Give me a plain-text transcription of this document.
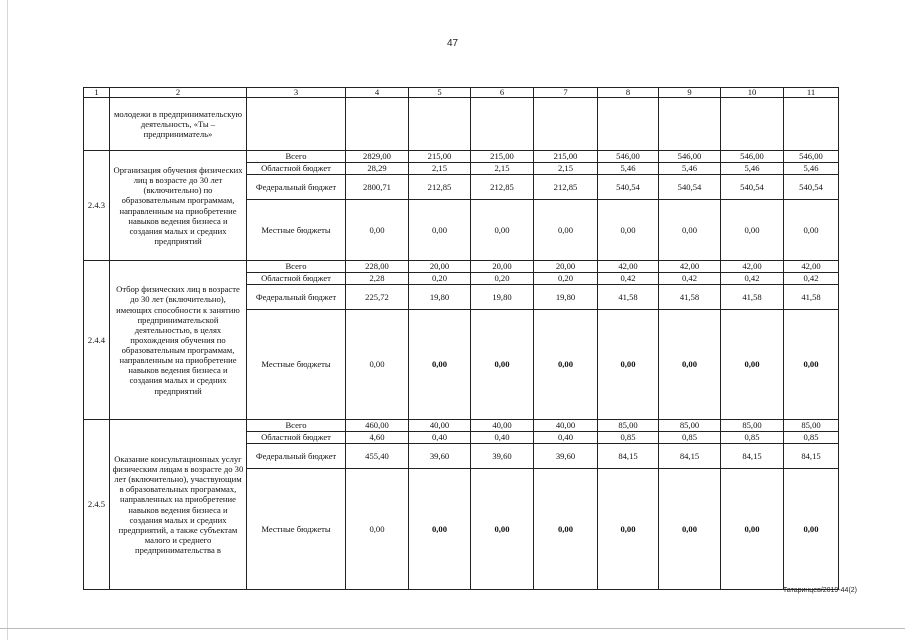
47
1	2	3	4	5	6	7	8	9	10	11
	молодежи в предпринимательскую деятельность, «Ты – предприниматель»									
2.4.3	Организация обучения физических лиц в возрасте до 30 лет (включительно) по образовательным программам, направленным на приобретение навыков ведения бизнеса и создания малых и средних предприятий	Всего	2829,00	215,00	215,00	215,00	546,00	546,00	546,00	546,00
		Областной бюджет	28,29	2,15	2,15	2,15	5,46	5,46	5,46	5,46
		Федеральный бюджет	2800,71	212,85	212,85	212,85	540,54	540,54	540,54	540,54
		Местные бюджеты	0,00	0,00	0,00	0,00	0,00	0,00	0,00	0,00
2.4.4	Отбор физических лиц в возрасте до 30 лет (включительно), имеющих способности к занятию предпринимательской деятельностью, в целях прохождения обучения по образовательным программам, направленным на приобретение навыков ведения бизнеса и создания малых и средних предприятий	Всего	228,00	20,00	20,00	20,00	42,00	42,00	42,00	42,00
		Областной бюджет	2,28	0,20	0,20	0,20	0,42	0,42	0,42	0,42
		Федеральный бюджет	225,72	19,80	19,80	19,80	41,58	41,58	41,58	41,58
		Местные бюджеты	0,00	0,00	0,00	0,00	0,00	0,00	0,00	0,00
2.4.5	Оказание консультационных услуг физическим лицам в возрасте до 30 лет (включительно), участвующим в образовательных программах, направленных на приобретение навыков ведения бизнеса и создания малых и средних предприятий, а также субъектам малого и среднего предпринимательства в	Всего	460,00	40,00	40,00	40,00	85,00	85,00	85,00	85,00
		Областной бюджет	4,60	0,40	0,40	0,40	0,85	0,85	0,85	0,85
		Федеральный бюджет	455,40	39,60	39,60	39,60	84,15	84,15	84,15	84,15
		Местные бюджеты	0,00	0,00	0,00	0,00	0,00	0,00	0,00	0,00
Татаринцев/2019-44(2)
